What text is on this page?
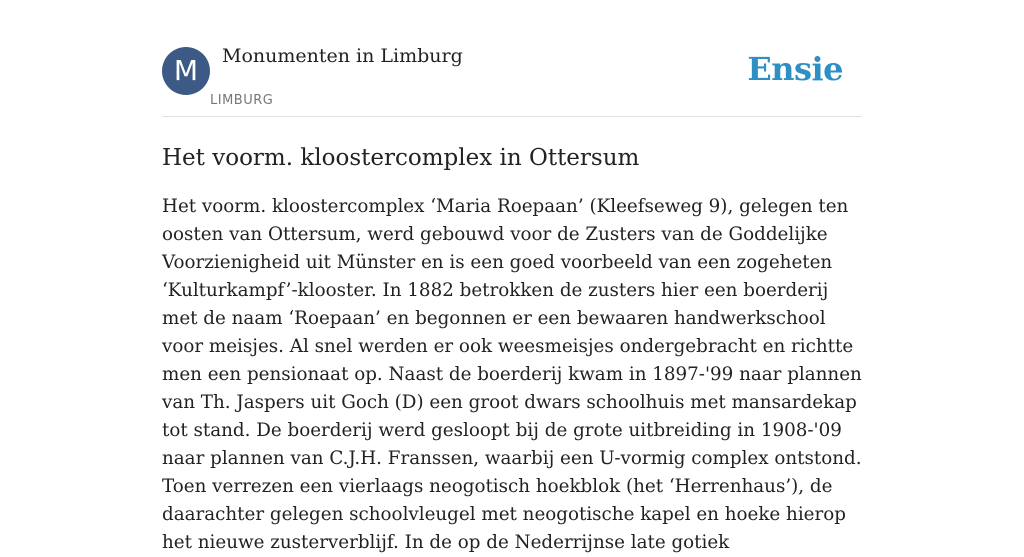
M	Monumenten in Limburg
LIMBURG
Ensie
Het voorm. kloostercomplex in Ottersum

Het voorm. kloostercomplex ‘Maria Roepaan’ (Kleefseweg 9), gelegen ten oosten van Ottersum, werd gebouwd voor de Zusters van de Goddelijke Voorzienigheid uit Münster en is een goed voorbeeld van een zogeheten ‘Kulturkampf’-klooster. In 1882 betrokken de zusters hier een boerderij met de naam ‘Roepaan’ en begonnen er een bewaaren handwerkschool voor meisjes. Al snel werden er ook weesmeisjes ondergebracht en richtte men een pensionaat op. Naast de boerderij kwam in 1897-'99 naar plannen van Th. Jaspers uit Goch (D) een groot dwars schoolhuis met mansardekap tot stand. De boerderij werd gesloopt bij de grote uitbreiding in 1908-'09 naar plannen van C.J.H. Franssen, waarbij een U-vormig complex ontstond. Toen verrezen een vierlaags neogotisch hoekblok (het ‘Herrenhaus’), de daarachter gelegen schoolvleugel met neogotische kapel en hoeke hierop het nieuwe zusterverblijf. In de op de Nederrijnse late gotiek
